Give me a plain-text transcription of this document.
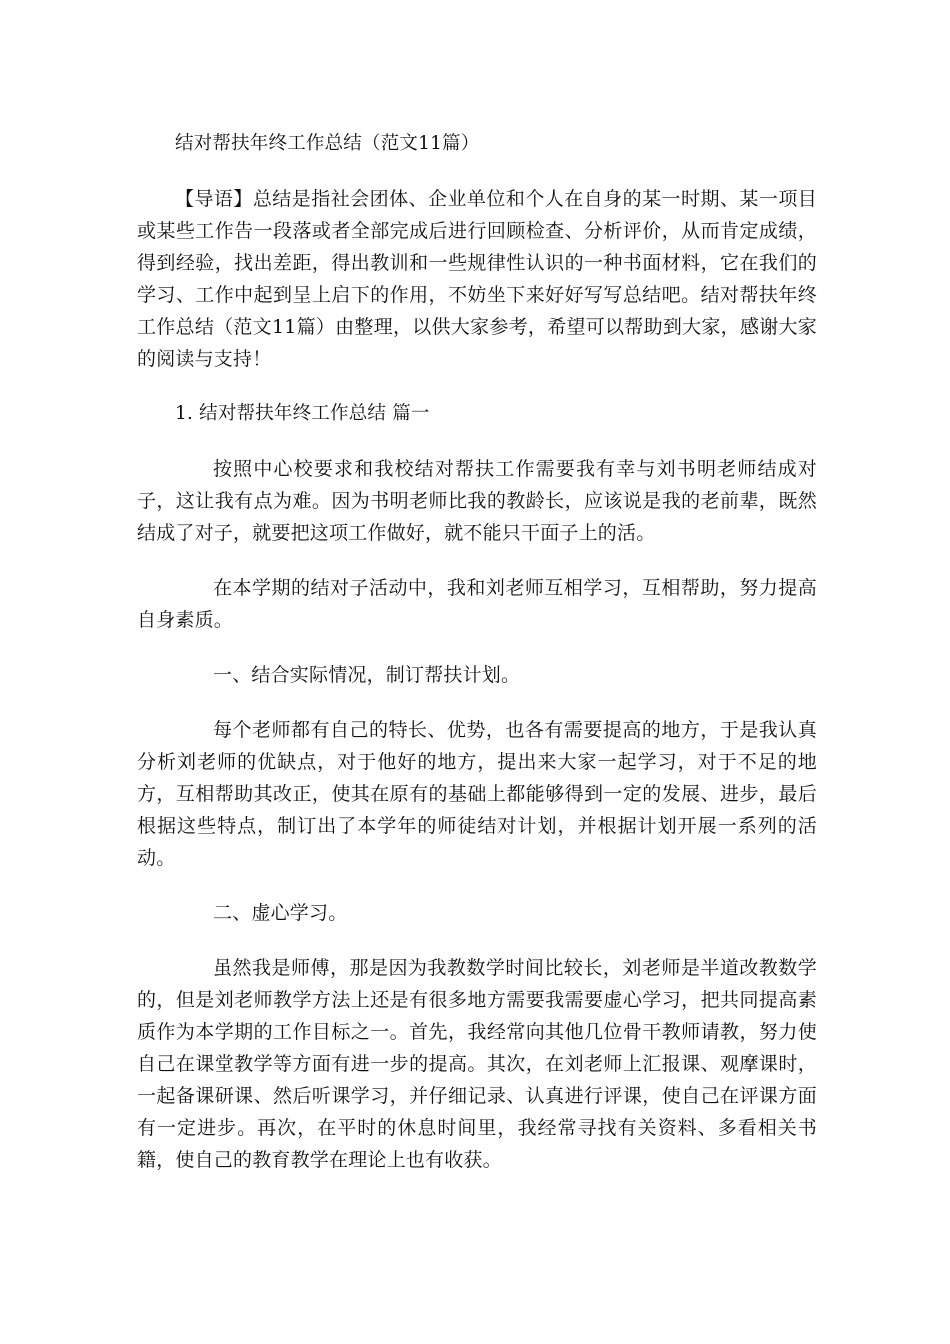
结对帮扶年终工作总结（范文11篇）
【导语】总结是指社会团体、企业单位和个人在自身的某一时期、某一项目或某些工作告一段落或者全部完成后进行回顾检查、分析评价，从而肯定成绩，得到经验，找出差距，得出教训和一些规律性认识的一种书面材料，它在我们的学习、工作中起到呈上启下的作用，不妨坐下来好好写写总结吧。结对帮扶年终工作总结（范文11篇）由整理，以供大家参考，希望可以帮助到大家，感谢大家的阅读与支持！
1. 结对帮扶年终工作总结 篇一
按照中心校要求和我校结对帮扶工作需要我有幸与刘书明老师结成对子，这让我有点为难。因为书明老师比我的教龄长，应该说是我的老前辈，既然结成了对子，就要把这项工作做好，就不能只干面子上的活。
在本学期的结对子活动中，我和刘老师互相学习，互相帮助，努力提高自身素质。
一、结合实际情况，制订帮扶计划。
每个老师都有自己的特长、优势，也各有需要提高的地方，于是我认真分析刘老师的优缺点，对于他好的地方，提出来大家一起学习，对于不足的地方，互相帮助其改正，使其在原有的基础上都能够得到一定的发展、进步，最后根据这些特点，制订出了本学年的师徒结对计划，并根据计划开展一系列的活动。
二、虚心学习。
虽然我是师傅，那是因为我教数学时间比较长，刘老师是半道改教数学的，但是刘老师教学方法上还是有很多地方需要我需要虚心学习，把共同提高素质作为本学期的工作目标之一。首先，我经常向其他几位骨干教师请教，努力使自己在课堂教学等方面有进一步的提高。其次，在刘老师上汇报课、观摩课时，一起备课研课、然后听课学习，并仔细记录、认真进行评课，使自己在评课方面有一定进步。再次，在平时的休息时间里，我经常寻找有关资料、多看相关书籍，使自己的教育教学在理论上也有收获。
